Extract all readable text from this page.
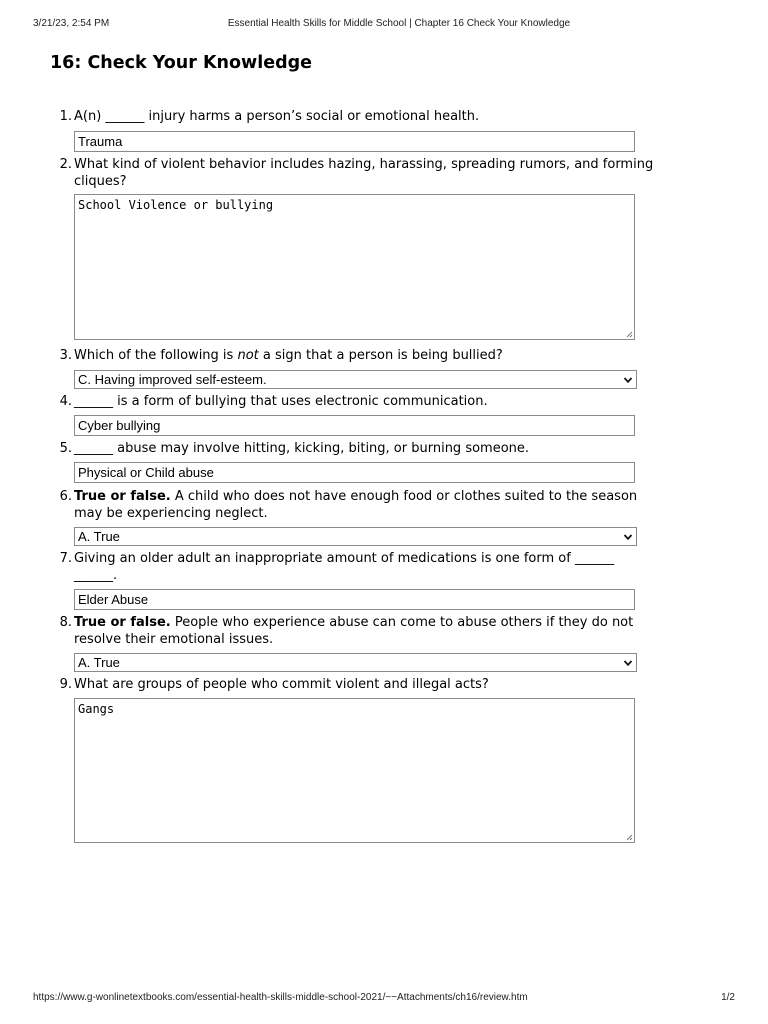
3/21/23, 2:54 PM	Essential Health Skills for Middle School | Chapter 16 Check Your Knowledge
16: Check Your Knowledge
1. A(n) ______ injury harms a person’s social or emotional health.
Trauma
2. What kind of violent behavior includes hazing, harassing, spreading rumors, and forming cliques?
School Violence or bullying
3. Which of the following is not a sign that a person is being bullied?
C. Having improved self-esteem.
4. ______ is a form of bullying that uses electronic communication.
Cyber bullying
5. ______ abuse may involve hitting, kicking, biting, or burning someone.
Physical or Child abuse
6. True or false. A child who does not have enough food or clothes suited to the season may be experiencing neglect.
A. True
7. Giving an older adult an inappropriate amount of medications is one form of ______ ______.
Elder Abuse
8. True or false. People who experience abuse can come to abuse others if they do not resolve their emotional issues.
A. True
9. What are groups of people who commit violent and illegal acts?
Gangs
https://www.g-wonlinetextbooks.com/essential-health-skills-middle-school-2021/~~Attachments/ch16/review.htm	1/2
